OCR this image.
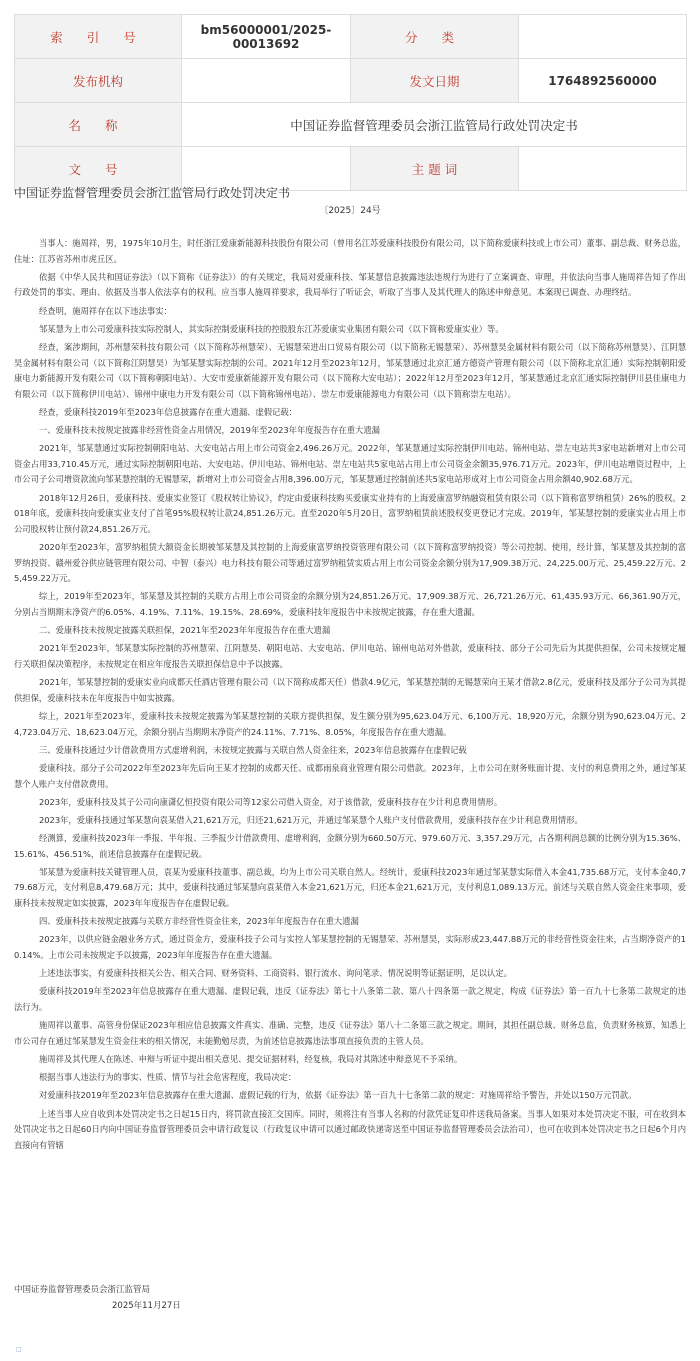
索 引 号	bm56000001/2025-00013692	分 类	
发布机构		发文日期	1764892560000
名 称	中国证券监督管理委员会浙江监管局行政处罚决定书		
文 号		主 题 词	
中国证券监督管理委员会浙江监管局行政处罚决定书
〔2025〕24号

当事人：施周祥，男，1975年10月生，时任浙江爱康新能源科技股份有限公司（曾用名江苏爱康科技股份有限公司，以下简称爱康科技或上市公司）董事、副总裁、财务总监，住址：江苏省苏州市虎丘区。

依据《中华人民共和国证券法》（以下简称《证券法》）的有关规定，我局对爱康科技、邹某慧信息披露违法违规行为进行了立案调查、审理，并依法向当事人施周祥告知了作出行政处罚的事实、理由、依据及当事人依法享有的权利。应当事人施周祥要求，我局举行了听证会，听取了当事人及其代理人的陈述申辩意见。本案现已调查、办理终结。

经查明，施周祥存在以下违法事实：

邹某慧为上市公司爱康科技实际控制人，其实际控制爱康科技的控股股东江苏爱康实业集团有限公司（以下简称爱康实业）等。

经查，案涉期间，苏州慧荣科技有限公司（以下简称苏州慧荣）、无锡慧荣进出口贸易有限公司（以下简称无锡慧荣）、苏州慧昊金属材料有限公司（以下简称苏州慧昊）、江阴慧昊金属材料有限公司（以下简称江阴慧昊）为邹某慧实际控制的公司。2021年12月至2023年12月，邹某慧通过北京汇通方德资产管理有限公司（以下简称北京汇通）实际控制朝阳爱康电力新能源开发有限公司（以下简称朝阳电站）、大安市爱康新能源开发有限公司（以下简称大安电站）；2022年12月至2023年12月，邹某慧通过北京汇通实际控制伊川县佳康电力有限公司（以下简称伊川电站）、锦州中康电力开发有限公司（以下简称锦州电站）、崇左市爱康能源电力有限公司（以下简称崇左电站）。

经查，爱康科技2019年至2023年信息披露存在重大遗漏、虚假记载：

一、爱康科技未按规定披露非经营性资金占用情况，2019年至2023年年度报告存在重大遗漏

2021年，邹某慧通过实际控制朝阳电站、大安电站占用上市公司资金2,496.26万元。2022年，邹某慧通过实际控制伊川电站、锦州电站、崇左电站共3家电站新增对上市公司资金占用33,710.45万元，通过实际控制朝阳电站、大安电站、伊川电站、锦州电站、崇左电站共5家电站占用上市公司资金余额35,976.71万元。2023年，伊川电站增资过程中，上市公司子公司增资款流向邹某慧控制的无锡慧荣，新增对上市公司资金占用8,396.00万元，邹某慧通过控制前述共5家电站形成对上市公司资金占用余额40,902.68万元。

2018年12月26日，爱康科技、爱康实业签订《股权转让协议》，约定由爱康科技购买爱康实业持有的上海爱康富罗纳融资租赁有限公司（以下简称富罗纳租赁）26%的股权。2018年底，爱康科技向爱康实业支付了首笔95%股权转让款24,851.26万元。直至2020年5月20日，富罗纳租赁前述股权变更登记才完成。2019年，邹某慧控制的爱康实业占用上市公司股权转让预付款24,851.26万元。

2020年至2023年，富罗纳租赁大额资金长期被邹某慧及其控制的上海爱康富罗纳投资管理有限公司（以下简称富罗纳投资）等公司控制、使用，经计算，邹某慧及其控制的富罗纳投资、赣州爱谷供应链管理有限公司、中智（泰兴）电力科技有限公司等通过富罗纳租赁实质占用上市公司资金余额分别为17,909.38万元、24,225.00万元、25,459.22万元、25,459.22万元。

综上，2019年至2023年，邹某慧及其控制的关联方占用上市公司资金的余额分别为24,851.26万元、17,909.38万元、26,721.26万元、61,435.93万元、66,361.90万元，分别占当期期末净资产的6.05%、4.19%、7.11%、19.15%、28.69%，爱康科技年度报告中未按规定披露，存在重大遗漏。

二、爱康科技未按规定披露关联担保，2021年至2023年年度报告存在重大遗漏

2021年至2023年，邹某慧实际控制的苏州慧荣、江阴慧昊、朝阳电站、大安电站、伊川电站、锦州电站对外借款，爱康科技、部分子公司先后为其提供担保，公司未按规定履行关联担保决策程序，未按规定在相应年度报告关联担保信息中予以披露。

2021年，邹某慧控制的爱康实业向成都天任酒店管理有限公司（以下简称成都天任）借款4.9亿元，邹某慧控制的无锡慧荣向王某才借款2.8亿元，爱康科技及部分子公司为其提供担保，爱康科技未在年度报告中如实披露。

综上，2021年至2023年，爱康科技未按规定披露为邹某慧控制的关联方提供担保，发生额分别为95,623.04万元、6,100万元、18,920万元，余额分别为90,623.04万元、24,723.04万元、18,623.04万元，余额分别占当期期末净资产的24.11%、7.71%、8.05%，年度报告存在重大遗漏。

三、爱康科技通过少计借款费用方式虚增利润，未按规定披露与关联自然人资金往来，2023年信息披露存在虚假记载

爱康科技、部分子公司2022年至2023年先后向王某才控制的成都天任、成都雨泉商业管理有限公司借款。2023年，上市公司在财务账面计提、支付的利息费用之外，通过邹某慧个人账户支付借款费用。

2023年，爱康科技及其子公司向康潇亿恒投资有限公司等12家公司借入资金，对于该借款，爱康科技存在少计利息费用情形。

2023年，爱康科技通过邹某慧向袁某借入21,621万元，归还21,621万元，并通过邹某慧个人账户支付借款费用，爱康科技存在少计利息费用情形。

经测算，爱康科技2023年一季报、半年报、三季报少计借款费用、虚增利润，金额分别为660.50万元、979.60万元、3,357.29万元，占各期利润总额的比例分别为15.36%、15.61%、456.51%，前述信息披露存在虚假记载。

邹某慧为爱康科技关键管理人员，袁某为爱康科技董事、副总裁，均为上市公司关联自然人。经统计，爱康科技2023年通过邹某慧实际借入本金41,735.68万元，支付本金40,779.68万元，支付利息8,479.68万元；其中，爱康科技通过邹某慧向袁某借入本金21,621万元，归还本金21,621万元，支付利息1,089.13万元。前述与关联自然人资金往来事项，爱康科技未按规定如实披露，2023年年度报告存在虚假记载。

四、爱康科技未按规定披露与关联方非经营性资金往来，2023年年度报告存在重大遗漏

2023年，以供应链金融业务方式，通过资金方，爱康科技子公司与实控人邹某慧控制的无锡慧荣、苏州慧昊，实际形成23,447.88万元的非经营性资金往来，占当期净资产的10.14%。上市公司未按规定予以披露，2023年年度报告存在重大遗漏。

上述违法事实，有爱康科技相关公告、相关合同、财务资料、工商资料、银行流水、询问笔录、情况说明等证据证明，足以认定。

爱康科技2019年至2023年信息披露存在重大遗漏、虚假记载，违反《证券法》第七十八条第二款、第八十四条第一款之规定，构成《证券法》第一百九十七条第二款规定的违法行为。

施周祥以董事、高管身份保证2023年相应信息披露文件真实、准确、完整，违反《证券法》第八十二条第三款之规定。期间，其担任副总裁、财务总监，负责财务核算，知悉上市公司存在通过邹某慧发生资金往来的相关情况，未能勤勉尽责，为前述信息披露违法事项直接负责的主管人员。

施周祥及其代理人在陈述、申辩与听证中提出相关意见、提交证据材料，经复核，我局对其陈述申辩意见不予采纳。

根据当事人违法行为的事实、性质、情节与社会危害程度，我局决定：

对爱康科技2019年至2023年信息披露存在重大遗漏、虚假记载的行为，依据《证券法》第一百九十七条第二款的规定：对施周祥给予警告，并处以150万元罚款。

上述当事人应自收到本处罚决定书之日起15日内，将罚款直接汇交国库。同时，须将注有当事人名称的付款凭证复印件送我局备案。当事人如果对本处罚决定不服，可在收到本处罚决定书之日起60日内向中国证券监督管理委员会申请行政复议（行政复议申请可以通过邮政快递寄送至中国证券监督管理委员会法治司），也可在收到本处罚决定书之日起6个月内直接向有管辖

中国证券监督管理委员会浙江监管局
2025年11月27日
□
